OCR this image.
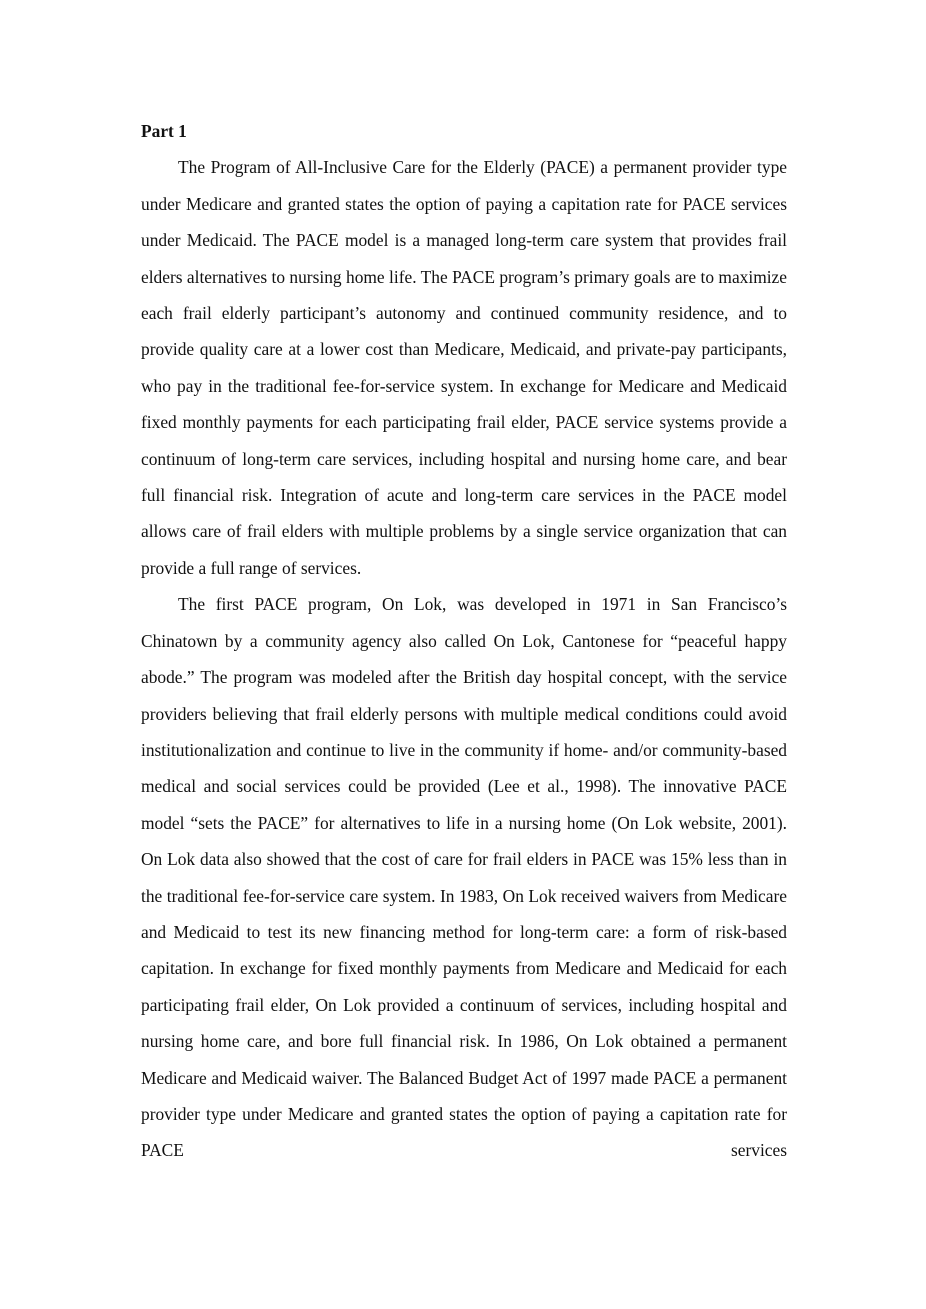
Part 1

The Program of All-Inclusive Care for the Elderly (PACE) a permanent provider type under Medicare and granted states the option of paying a capitation rate for PACE services under Medicaid. The PACE model is a managed long-term care system that provides frail elders alternatives to nursing home life. The PACE program’s primary goals are to maximize each frail elderly participant’s autonomy and continued community residence, and to provide quality care at a lower cost than Medicare, Medicaid, and private-pay participants, who pay in the traditional fee-for-service system. In exchange for Medicare and Medicaid fixed monthly payments for each participating frail elder, PACE service systems provide a continuum of long-term care services, including hospital and nursing home care, and bear full financial risk. Integration of acute and long-term care services in the PACE model allows care of frail elders with multiple problems by a single service organization that can provide a full range of services.

The first PACE program, On Lok, was developed in 1971 in San Francisco’s Chinatown by a community agency also called On Lok, Cantonese for “peaceful happy abode.” The program was modeled after the British day hospital concept, with the service providers believing that frail elderly persons with multiple medical conditions could avoid institutionalization and continue to live in the community if home- and/or community-based medical and social services could be provided (Lee et al., 1998). The innovative PACE model “sets the PACE” for alternatives to life in a nursing home (On Lok website, 2001). On Lok data also showed that the cost of care for frail elders in PACE was 15% less than in the traditional fee-for-service care system. In 1983, On Lok received waivers from Medicare and Medicaid to test its new financing method for long-term care: a form of risk-based capitation. In exchange for fixed monthly payments from Medicare and Medicaid for each participating frail elder, On Lok provided a continuum of services, including hospital and nursing home care, and bore full financial risk. In 1986, On Lok obtained a permanent Medicare and Medicaid waiver. The Balanced Budget Act of 1997 made PACE a permanent provider type under Medicare and granted states the option of paying a capitation rate for PACE services
